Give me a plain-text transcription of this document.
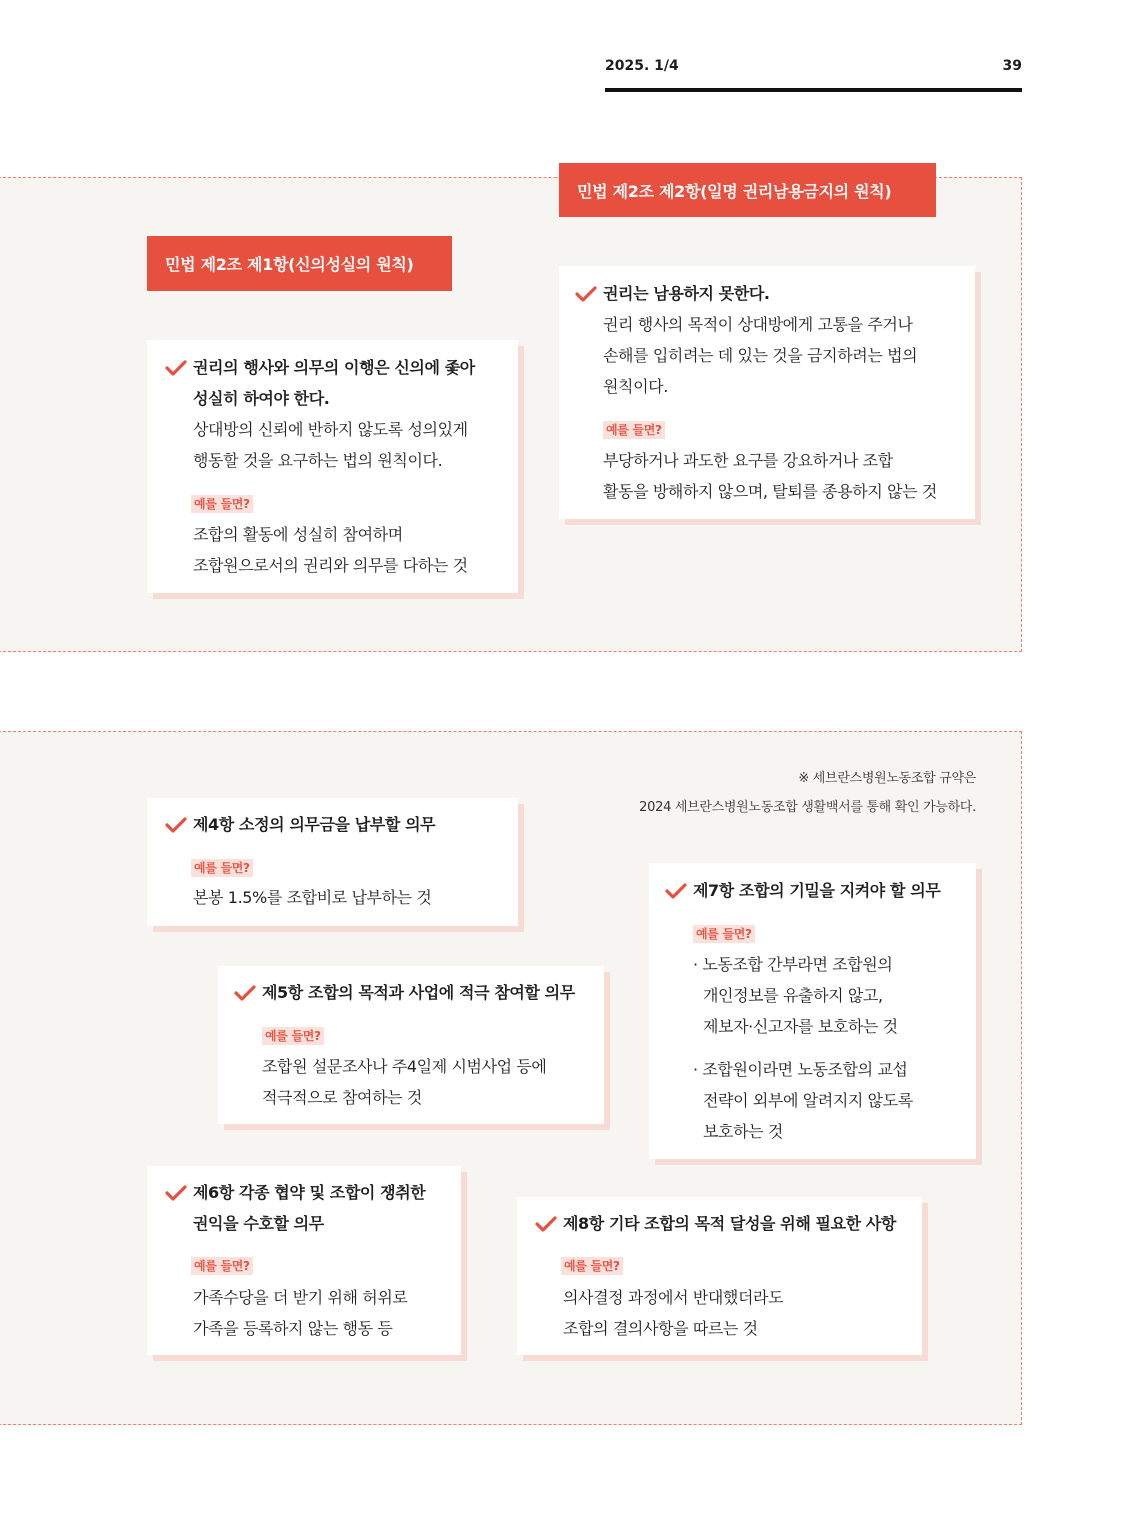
2025. 1/4	39
민법 제2조 제2항(일명 권리남용금지의 원칙)
민법 제2조 제1항(신의성실의 원칙)
권리의 행사와 의무의 이행은 신의에 좇아
성실히 하여야 한다.
상대방의 신뢰에 반하지 않도록 성의있게
행동할 것을 요구하는 법의 원칙이다.
예를 들면?
조합의 활동에 성실히 참여하며
조합원으로서의 권리와 의무를 다하는 것
권리는 남용하지 못한다.
권리 행사의 목적이 상대방에게 고통을 주거나
손해를 입히려는 데 있는 것을 금지하려는 법의
원칙이다.
예를 들면?
부당하거나 과도한 요구를 강요하거나 조합
활동을 방해하지 않으며, 탈퇴를 종용하지 않는 것
※ 세브란스병원노동조합 규약은
2024 세브란스병원노동조합 생활백서를 통해 확인 가능하다.
제4항 소정의 의무금을 납부할 의무
예를 들면?
본봉 1.5%를 조합비로 납부하는 것	제7항 조합의 기밀을 지켜야 할 의무
예를 들면?
· 노동조합 간부라면 조합원의
개인정보를 유출하지 않고,
제보자·신고자를 보호하는 것
· 조합원이라면 노동조합의 교섭
전략이 외부에 알려지지 않도록
보호하는 것
제5항 조합의 목적과 사업에 적극 참여할 의무
예를 들면?
조합원 설문조사나 주4일제 시범사업 등에
적극적으로 참여하는 것
제6항 각종 협약 및 조합이 쟁취한
권익을 수호할 의무
예를 들면?
가족수당을 더 받기 위해 허위로
가족을 등록하지 않는 행동 등
제8항 기타 조합의 목적 달성을 위해 필요한 사항
예를 들면?
의사결정 과정에서 반대했더라도
조합의 결의사항을 따르는 것
